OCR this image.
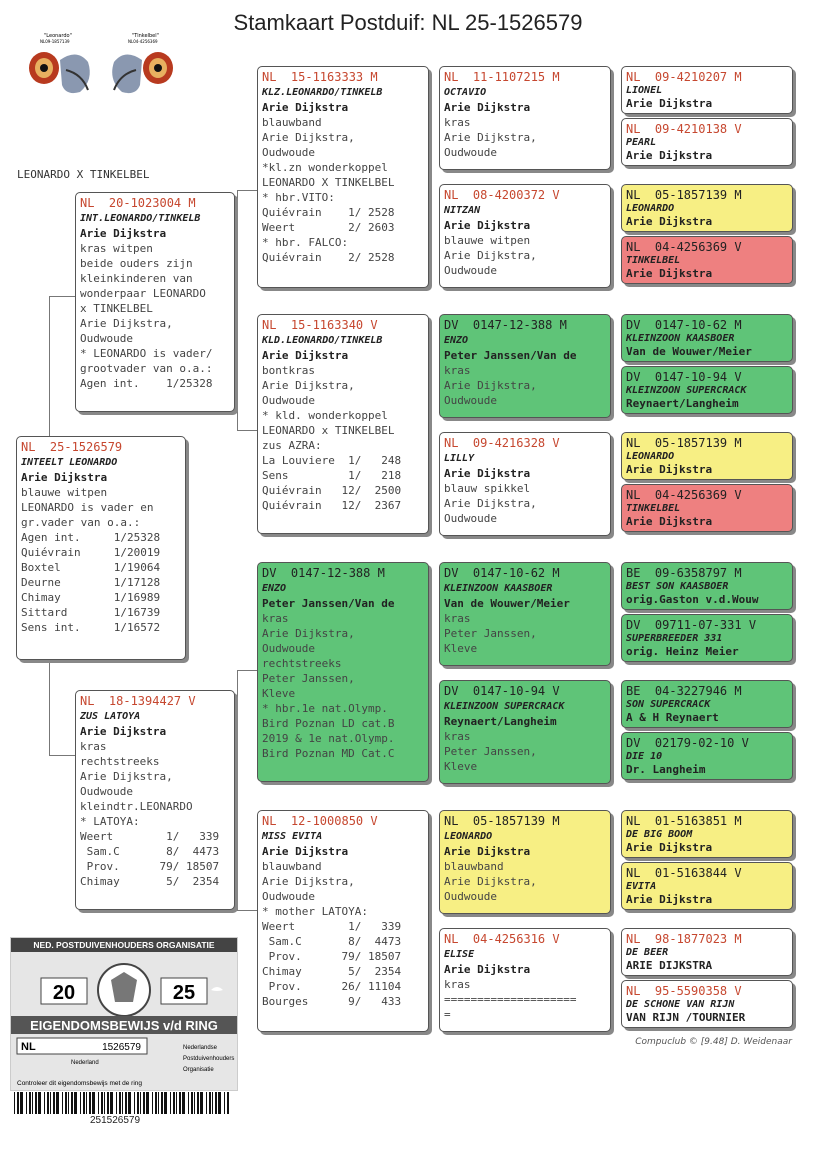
Stamkaart Postduif: NL 25-1526579
"Leonardo"
NL09-1857139
"Tinkelbel"
NL04-4256369
LEONARDO X TINKELBEL
NL  25-1526579
INTEELT LEONARDO
Arie Dijkstra
blauwe witpen
LEONARDO is vader en
gr.vader van o.a.:
Agen int.     1/25328
Quiévrain     1/20019
Boxtel        1/19064
Deurne        1/17128
Chimay        1/16989
Sittard       1/16739
Sens int.     1/16572
NL  20-1023004 M
INT.LEONARDO/TINKELB
Arie Dijkstra
kras witpen
beide ouders zijn
kleinkinderen van
wonderpaar LEONARDO
x TINKELBEL
Arie Dijkstra,
Oudwoude
* LEONARDO is vader/
grootvader van o.a.:
Agen int.    1/25328
NL  18-1394427 V
ZUS LATOYA
Arie Dijkstra
kras
rechtstreeks
Arie Dijkstra,
Oudwoude
kleindtr.LEONARDO
* LATOYA:
Weert        1/   339
Sam.C       8/  4473
Prov.      79/ 18507
Chimay       5/  2354
NL  15-1163333 M
KLZ.LEONARDO/TINKELB
Arie Dijkstra
blauwband
Arie Dijkstra,
Oudwoude
*kl.zn wonderkoppel
LEONARDO X TINKELBEL
* hbr.VITO:
Quiévrain    1/ 2528
Weert        2/ 2603
* hbr. FALCO:
Quiévrain    2/ 2528
NL  15-1163340 V
KLD.LEONARDO/TINKELB
Arie Dijkstra
bontkras
Arie Dijkstra,
Oudwoude
* kld. wonderkoppel
LEONARDO x TINKELBEL
zus AZRA:
La Louviere  1/   248
Sens         1/   218
Quiévrain   12/  2500
Quiévrain   12/  2367
DV  0147-12-388 M
ENZO
Peter Janssen/Van de
kras
Arie Dijkstra,
Oudwoude
rechtstreeks
Peter Janssen,
Kleve
* hbr.1e nat.Olymp.
Bird Poznan LD cat.B
2019 & 1e nat.Olymp.
Bird Poznan MD Cat.C
NL  12-1000850 V
MISS EVITA
Arie Dijkstra
blauwband
Arie Dijkstra,
Oudwoude
* mother LATOYA:
Weert        1/   339
Sam.C       8/  4473
Prov.      79/ 18507
Chimay       5/  2354
Prov.      26/ 11104
Bourges      9/   433
NL  11-1107215 M
OCTAVIO
Arie Dijkstra
kras
Arie Dijkstra,
Oudwoude
NL  08-4200372 V
NITZAN
Arie Dijkstra
blauwe witpen
Arie Dijkstra,
Oudwoude
DV  0147-12-388 M
ENZO
Peter Janssen/Van de
kras
Arie Dijkstra,
Oudwoude
NL  09-4216328 V
LILLY
Arie Dijkstra
blauw spikkel
Arie Dijkstra,
Oudwoude
DV  0147-10-62 M
KLEINZOON KAASBOER
Van de Wouwer/Meier
kras
Peter Janssen,
Kleve
DV  0147-10-94 V
KLEINZOON SUPERCRACK
Reynaert/Langheim
kras
Peter Janssen,
Kleve
NL  05-1857139 M
LEONARDO
Arie Dijkstra
blauwband
Arie Dijkstra,
Oudwoude
NL  04-4256316 V
ELISE
Arie Dijkstra
kras
====================
=
NL  09-4210207 M
LIONEL
Arie Dijkstra
NL  09-4210138 V
PEARL
Arie Dijkstra
NL  05-1857139 M
LEONARDO
Arie Dijkstra
NL  04-4256369 V
TINKELBEL
Arie Dijkstra
DV  0147-10-62 M
KLEINZOON KAASBOER
Van de Wouwer/Meier
DV  0147-10-94 V
KLEINZOON SUPERCRACK
Reynaert/Langheim
NL  05-1857139 M
LEONARDO
Arie Dijkstra
NL  04-4256369 V
TINKELBEL
Arie Dijkstra
BE  09-6358797 M
BEST SON KAASBOER
orig.Gaston v.d.Wouw
DV  09711-07-331 V
SUPERBREEDER 331
orig. Heinz Meier
BE  04-3227946 M
SON SUPERCRACK
A & H Reynaert
DV  02179-02-10 V
DIE 10
Dr. Langheim
NL  01-5163851 M
DE BIG BOOM
Arie Dijkstra
NL  01-5163844 V
EVITA
Arie Dijkstra
NL  98-1877023 M
DE BEER
ARIE DIJKSTRA
NL  95-5590358 V
DE SCHONE VAN RIJN
VAN RIJN /TOURNIER
Compuclub © [9.48] D. Weidenaar
NED. POSTDUIVENHOUDERS ORGANISATIE
20	25
EIGENDOMSBEWIJS v/d RING
NL	1526579
Nederland
Nederlandse
Postduivenhouders
Organisatie
Controleer dit eigendomsbewijs met de ring
251526579
